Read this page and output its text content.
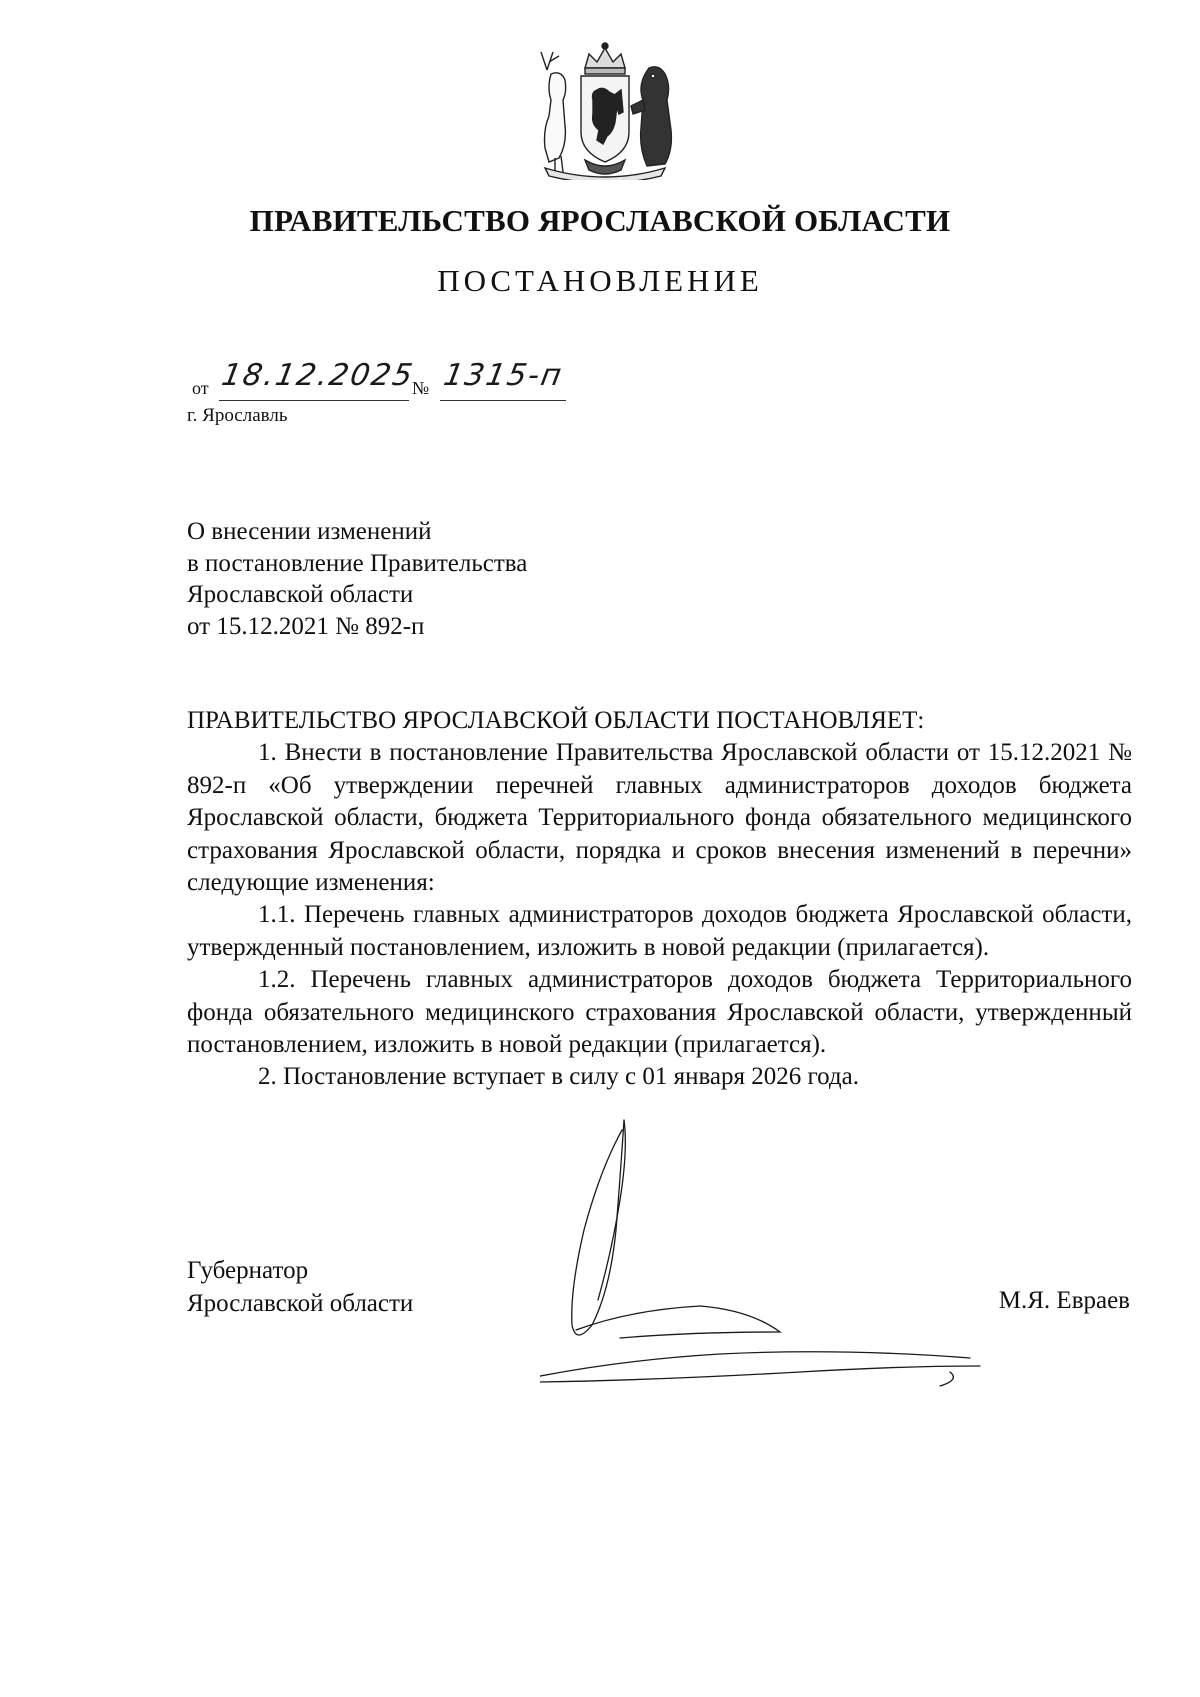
ПРАВИТЕЛЬСТВО ЯРОСЛАВСКОЙ ОБЛАСТИ
ПОСТАНОВЛЕНИЕ
от 18.12.2025
№ 1315-п
г. Ярославль
О внесении изменений
в постановление Правительства
Ярославской области
от 15.12.2021 № 892-п
ПРАВИТЕЛЬСТВО ЯРОСЛАВСКОЙ ОБЛАСТИ ПОСТАНОВЛЯЕТ:

1. Внести в постановление Правительства Ярославской области от 15.12.2021 № 892-п «Об утверждении перечней главных администраторов доходов бюджета Ярославской области, бюджета Территориального фонда обязательного медицинского страхования Ярославской области, порядка и сроков внесения изменений в перечни» следующие изменения:

1.1. Перечень главных администраторов доходов бюджета Ярославской области, утвержденный постановлением, изложить в новой редакции (прилагается).

1.2. Перечень главных администраторов доходов бюджета Территориального фонда обязательного медицинского страхования Ярославской области, утвержденный постановлением, изложить в новой редакции (прилагается).

2. Постановление вступает в силу с 01 января 2026 года.

Губернатор
Ярославской области	М.Я. Евраев
